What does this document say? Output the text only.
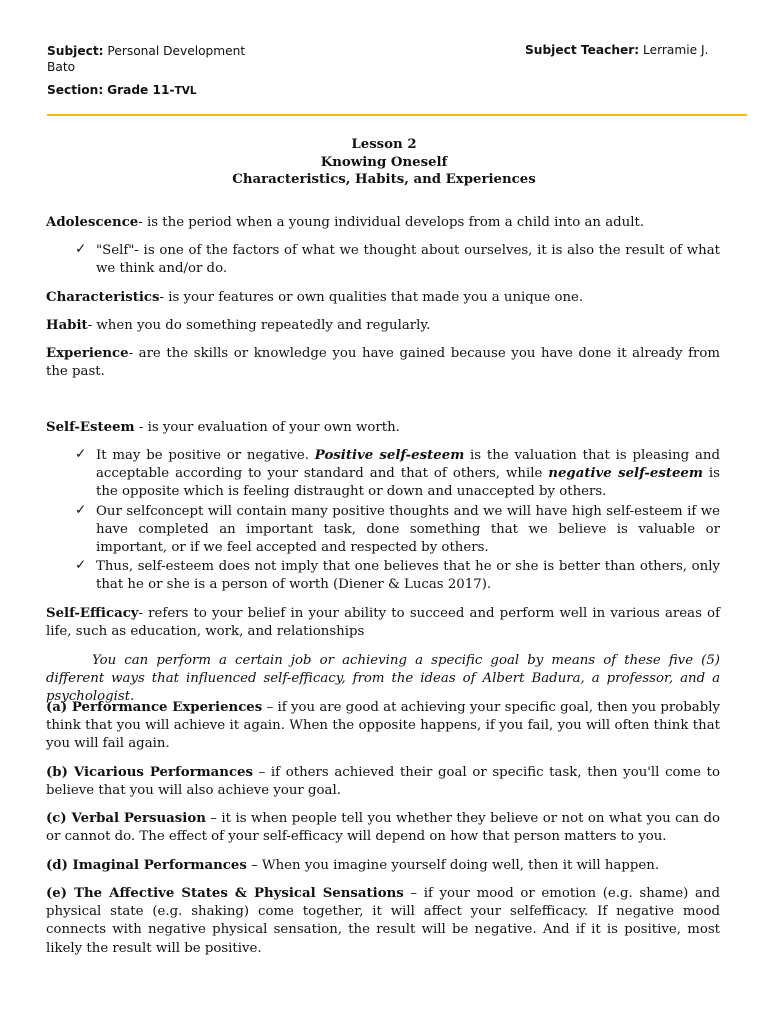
Subject: Personal Development
Bato
Subject Teacher: Lerramie J.
Section: Grade 11-TVL
Lesson 2
Knowing Oneself
Characteristics, Habits, and Experiences
Adolescence- is the period when a young individual develops from a child into an adult.
✓ "Self"- is one of the factors of what we thought about ourselves, it is also the result of what we think and/or do.
Characteristics- is your features or own qualities that made you a unique one.
Habit- when you do something repeatedly and regularly.
Experience- are the skills or knowledge you have gained because you have done it already from the past.
Self-Esteem - is your evaluation of your own worth.
✓ It may be positive or negative. Positive self-esteem is the valuation that is pleasing and acceptable according to your standard and that of others, while negative self-esteem is the opposite which is feeling distraught or down and unaccepted by others.
✓ Our selfconcept will contain many positive thoughts and we will have high self-esteem if we have completed an important task, done something that we believe is valuable or important, or if we feel accepted and respected by others.
✓ Thus, self-esteem does not imply that one believes that he or she is better than others, only that he or she is a person of worth (Diener & Lucas 2017).
Self-Efficacy- refers to your belief in your ability to succeed and perform well in various areas of life, such as education, work, and relationships
You can perform a certain job or achieving a specific goal by means of these five (5) different ways that influenced self-efficacy, from the ideas of Albert Badura, a professor, and a psychologist.
(a) Performance Experiences – if you are good at achieving your specific goal, then you probably think that you will achieve it again. When the opposite happens, if you fail, you will often think that you will fail again.
(b) Vicarious Performances – if others achieved their goal or specific task, then you'll come to believe that you will also achieve your goal.
(c) Verbal Persuasion – it is when people tell you whether they believe or not on what you can do or cannot do. The effect of your self-efficacy will depend on how that person matters to you.
(d) Imaginal Performances – When you imagine yourself doing well, then it will happen.
(e) The Affective States & Physical Sensations – if your mood or emotion (e.g. shame) and physical state (e.g. shaking) come together, it will affect your selfefficacy. If negative mood connects with negative physical sensation, the result will be negative. And if it is positive, most likely the result will be positive.
